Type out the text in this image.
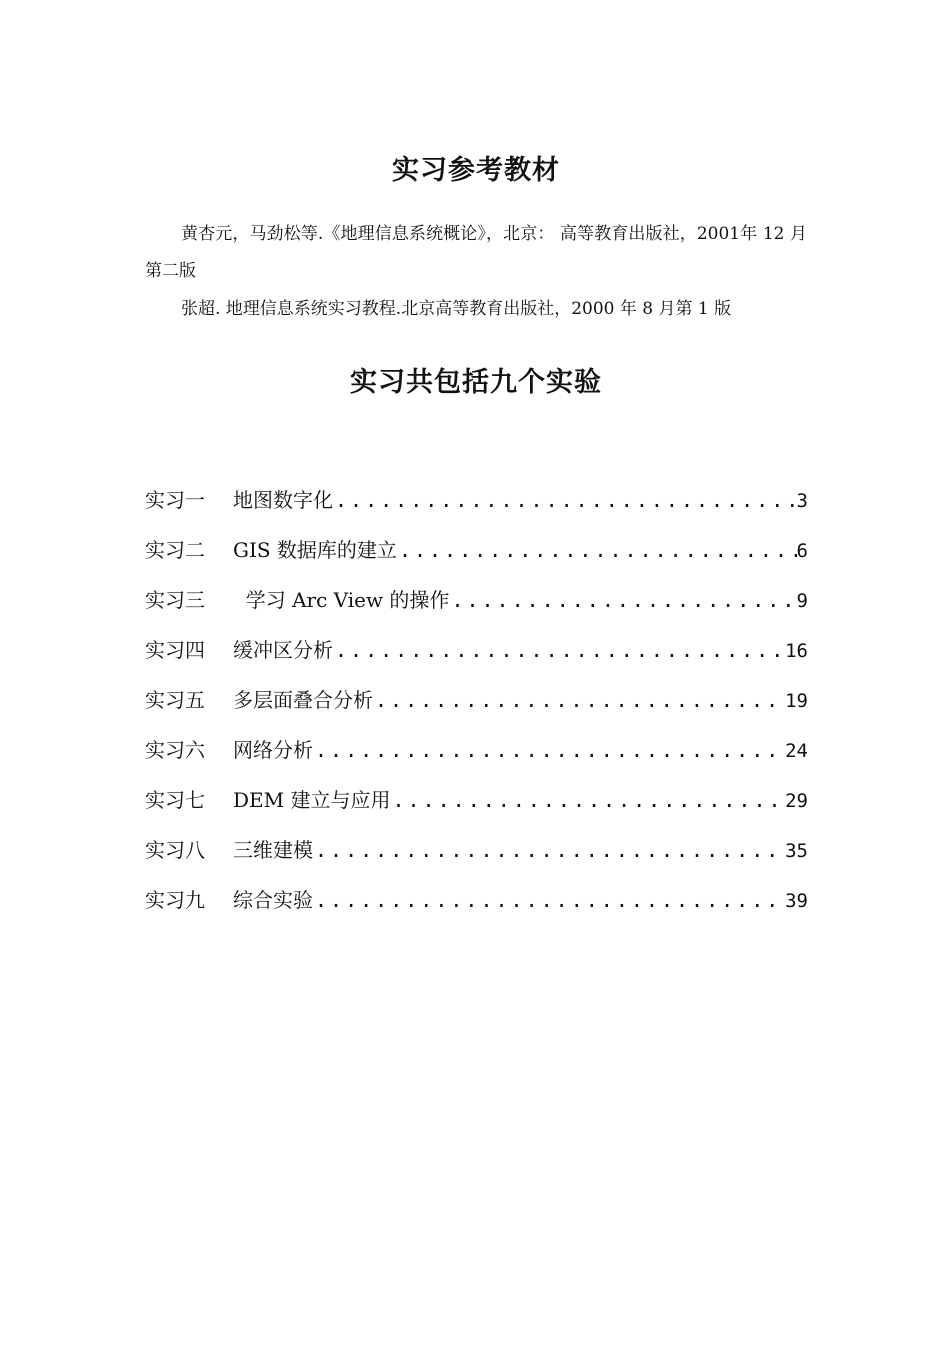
实习参考教材

黄杏元，马劲松等.《地理信息系统概论》，北京： 高等教育出版社，2001年 12 月第二版

张超. 地理信息系统实习教程.北京高等教育出版社，2000 年 8 月第 1 版

实习共包括九个实验
实习一	地图数字化 .....	3
实习二	GIS 数据库的建立 .....	6
实习三	学习 Arc View 的操作 .....	9
实习四	缓冲区分析 .....	16
实习五	多层面叠合分析 .....	19
实习六	网络分析 .....	24
实习七	DEM 建立与应用 .....	29
实习八	三维建模 .....	35
实习九	综合实验 .....	39
